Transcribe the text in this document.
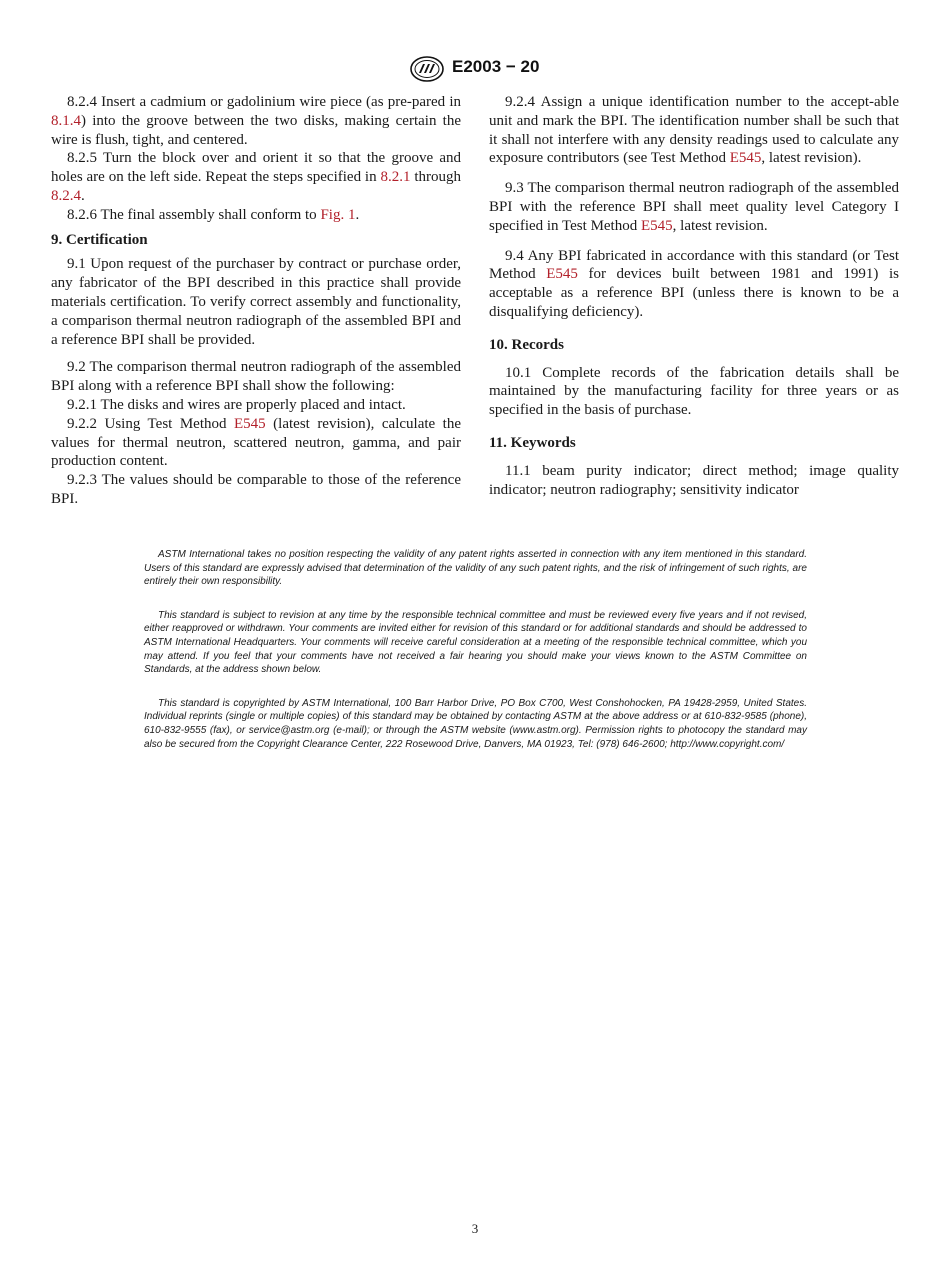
E2003 − 20

8.2.4 Insert a cadmium or gadolinium wire piece (as pre-pared in 8.1.4) into the groove between the two disks, making certain the wire is flush, tight, and centered.

8.2.5 Turn the block over and orient it so that the groove and holes are on the left side. Repeat the steps specified in 8.2.1 through 8.2.4.

8.2.6 The final assembly shall conform to Fig. 1.

9. Certification

9.1 Upon request of the purchaser by contract or purchase order, any fabricator of the BPI described in this practice shall provide materials certification. To verify correct assembly and functionality, a comparison thermal neutron radiograph of the assembled BPI and a reference BPI shall be provided.

9.2 The comparison thermal neutron radiograph of the assembled BPI along with a reference BPI shall show the following:

9.2.1 The disks and wires are properly placed and intact.

9.2.2 Using Test Method E545 (latest revision), calculate the values for thermal neutron, scattered neutron, gamma, and pair production content.

9.2.3 The values should be comparable to those of the reference BPI.

9.2.4 Assign a unique identification number to the accept-able unit and mark the BPI. The identification number shall be such that it shall not interfere with any density readings used to calculate any exposure contributors (see Test Method E545, latest revision).

9.3 The comparison thermal neutron radiograph of the assembled BPI with the reference BPI shall meet quality level Category I specified in Test Method E545, latest revision.

9.4 Any BPI fabricated in accordance with this standard (or Test Method E545 for devices built between 1981 and 1991) is acceptable as a reference BPI (unless there is known to be a disqualifying deficiency).

10. Records

10.1 Complete records of the fabrication details shall be maintained by the manufacturing facility for three years or as specified in the basis of purchase.

11. Keywords

11.1 beam purity indicator; direct method; image quality indicator; neutron radiography; sensitivity indicator

ASTM International takes no position respecting the validity of any patent rights asserted in connection with any item mentioned in this standard. Users of this standard are expressly advised that determination of the validity of any such patent rights, and the risk of infringement of such rights, are entirely their own responsibility.

This standard is subject to revision at any time by the responsible technical committee and must be reviewed every five years and if not revised, either reapproved or withdrawn. Your comments are invited either for revision of this standard or for additional standards and should be addressed to ASTM International Headquarters. Your comments will receive careful consideration at a meeting of the responsible technical committee, which you may attend. If you feel that your comments have not received a fair hearing you should make your views known to the ASTM Committee on Standards, at the address shown below.

This standard is copyrighted by ASTM International, 100 Barr Harbor Drive, PO Box C700, West Conshohocken, PA 19428-2959, United States. Individual reprints (single or multiple copies) of this standard may be obtained by contacting ASTM at the above address or at 610-832-9585 (phone), 610-832-9555 (fax), or service@astm.org (e-mail); or through the ASTM website (www.astm.org). Permission rights to photocopy the standard may also be secured from the Copyright Clearance Center, 222 Rosewood Drive, Danvers, MA 01923, Tel: (978) 646-2600; http://www.copyright.com/

3
